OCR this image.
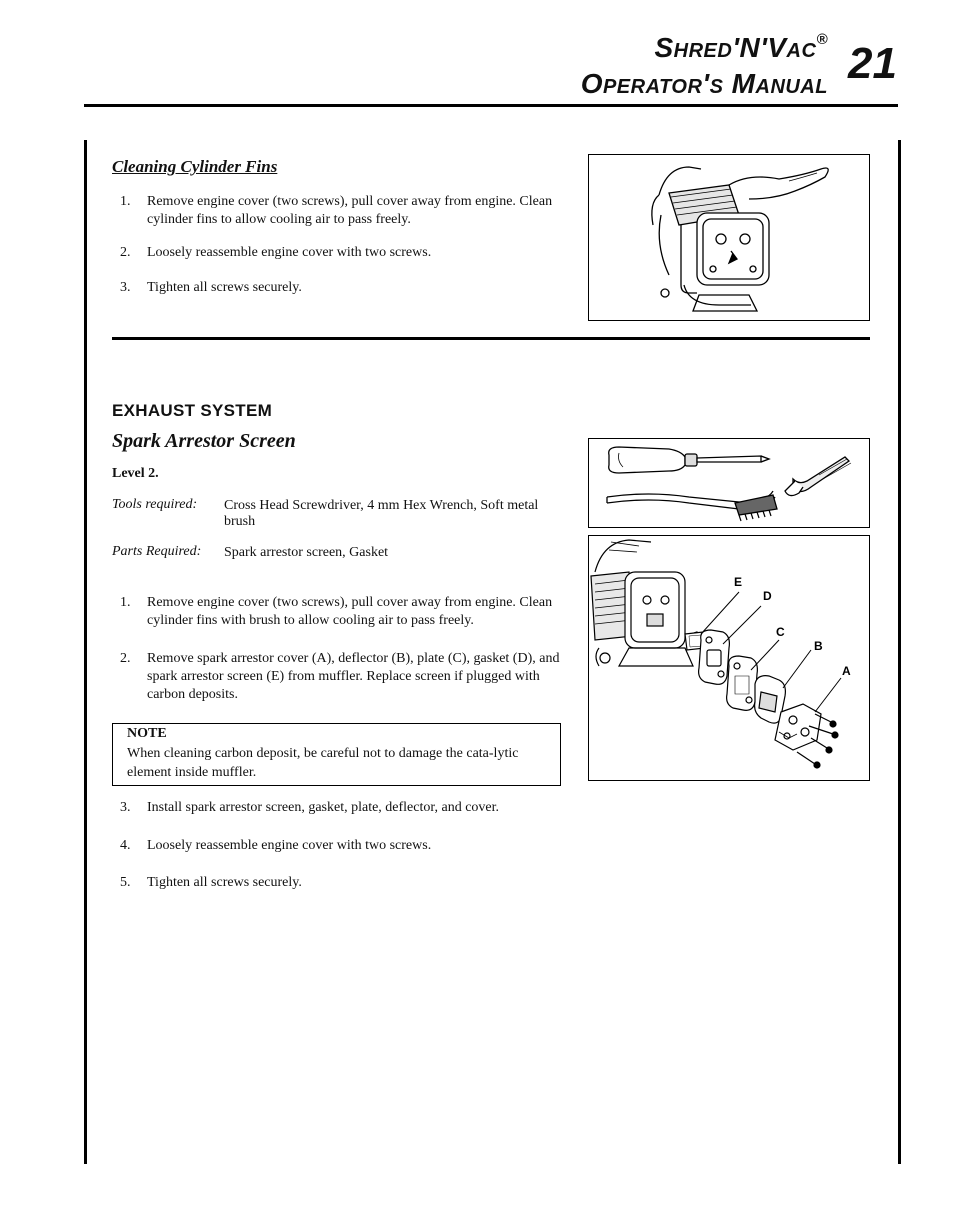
Shred'N'Vac®
Operator's Manual 21
Cleaning Cylinder Fins
1. Remove engine cover (two screws), pull cover away from engine. Clean cylinder fins to allow cooling air to pass freely.
2. Loosely reassemble engine cover with two screws.
3. Tighten all screws securely.
EXHAUST SYSTEM
Spark Arrestor Screen
Level 2.
Tools required: Cross Head Screwdriver, 4 mm Hex Wrench, Soft metal brush
Parts Required: Spark arrestor screen, Gasket
1. Remove engine cover (two screws), pull cover away from engine. Clean cylinder fins with brush to allow cooling air to pass freely.
2. Remove spark arrestor cover (A), deflector (B), plate (C), gasket (D), and spark arrestor screen (E) from muffler. Replace screen if plugged with carbon deposits.
NOTE
When cleaning carbon deposit, be careful not to damage the cata-lytic element inside muffler.
3. Install spark arrestor screen, gasket, plate, deflector, and cover.
4. Loosely reassemble engine cover with two screws.
5. Tighten all screws securely.
E
D
C
B
A
